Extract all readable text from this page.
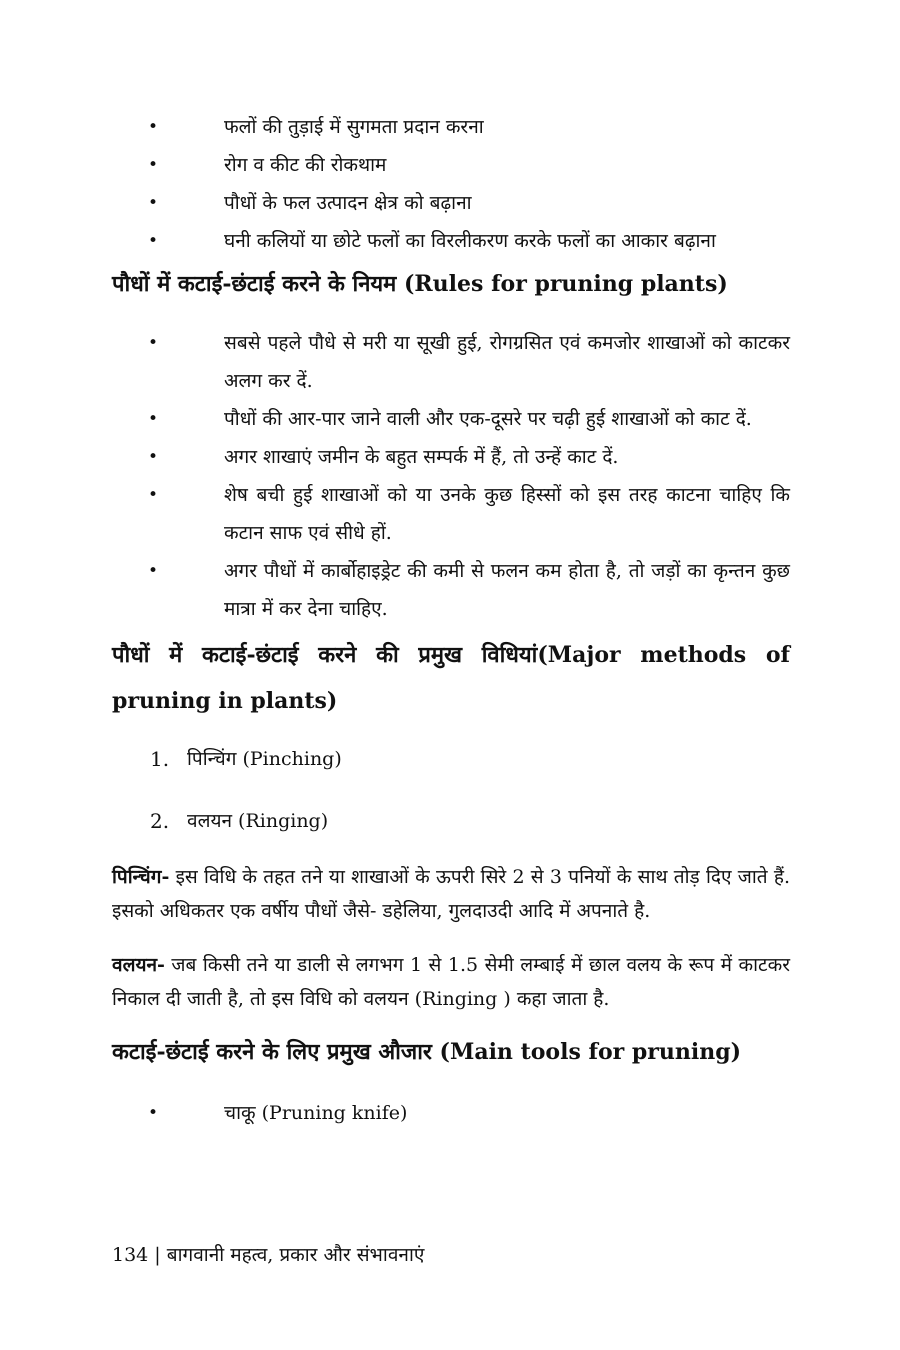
•	फलों की तुड़ाई में सुगमता प्रदान करना
•	रोग व कीट की रोकथाम
•	पौधों के फल उत्पादन क्षेत्र को बढ़ाना
•	घनी कलियों या छोटे फलों का विरलीकरण करके फलों का आकार बढ़ाना
पौधों में कटाई-छंटाई करने के नियम (Rules for pruning plants)
•	सबसे पहले पौधे से मरी या सूखी हुई, रोगग्रसित एवं कमजोर शाखाओं को काटकर अलग कर दें.
•	पौधों की आर-पार जाने वाली और एक-दूसरे पर चढ़ी हुई शाखाओं को काट दें.
•	अगर शाखाएं जमीन के बहुत सम्पर्क में हैं, तो उन्हें काट दें.
•	शेष बची हुई शाखाओं को या उनके कुछ हिस्सों को इस तरह काटना चाहिए कि कटान साफ एवं सीधे हों.
•	अगर पौधों में कार्बोहाइड्रेट की कमी से फलन कम होता है, तो जड़ों का कृन्तन कुछ मात्रा में कर देना चाहिए.
पौधों में कटाई-छंटाई करने की प्रमुख विधियां(Major methods of pruning in plants)
1. पिन्चिंग (Pinching)
2. वलयन (Ringing)

पिन्चिंग- इस विधि के तहत तने या शाखाओं के ऊपरी सिरे 2 से 3 पनियों के साथ तोड़ दिए जाते हैं. इसको अधिकतर एक वर्षीय पौधों जैसे- डहेलिया, गुलदाउदी आदि में अपनाते है.

वलयन- जब किसी तने या डाली से लगभग 1 से 1.5 सेमी लम्बाई में छाल वलय के रूप में काटकर निकाल दी जाती है, तो इस विधि को वलयन (Ringing ) कहा जाता है.

कटाई-छंटाई करने के लिए प्रमुख औजार (Main tools for pruning)
•	चाकू (Pruning knife)
134 | बागवानी महत्व, प्रकार और संभावनाएं
